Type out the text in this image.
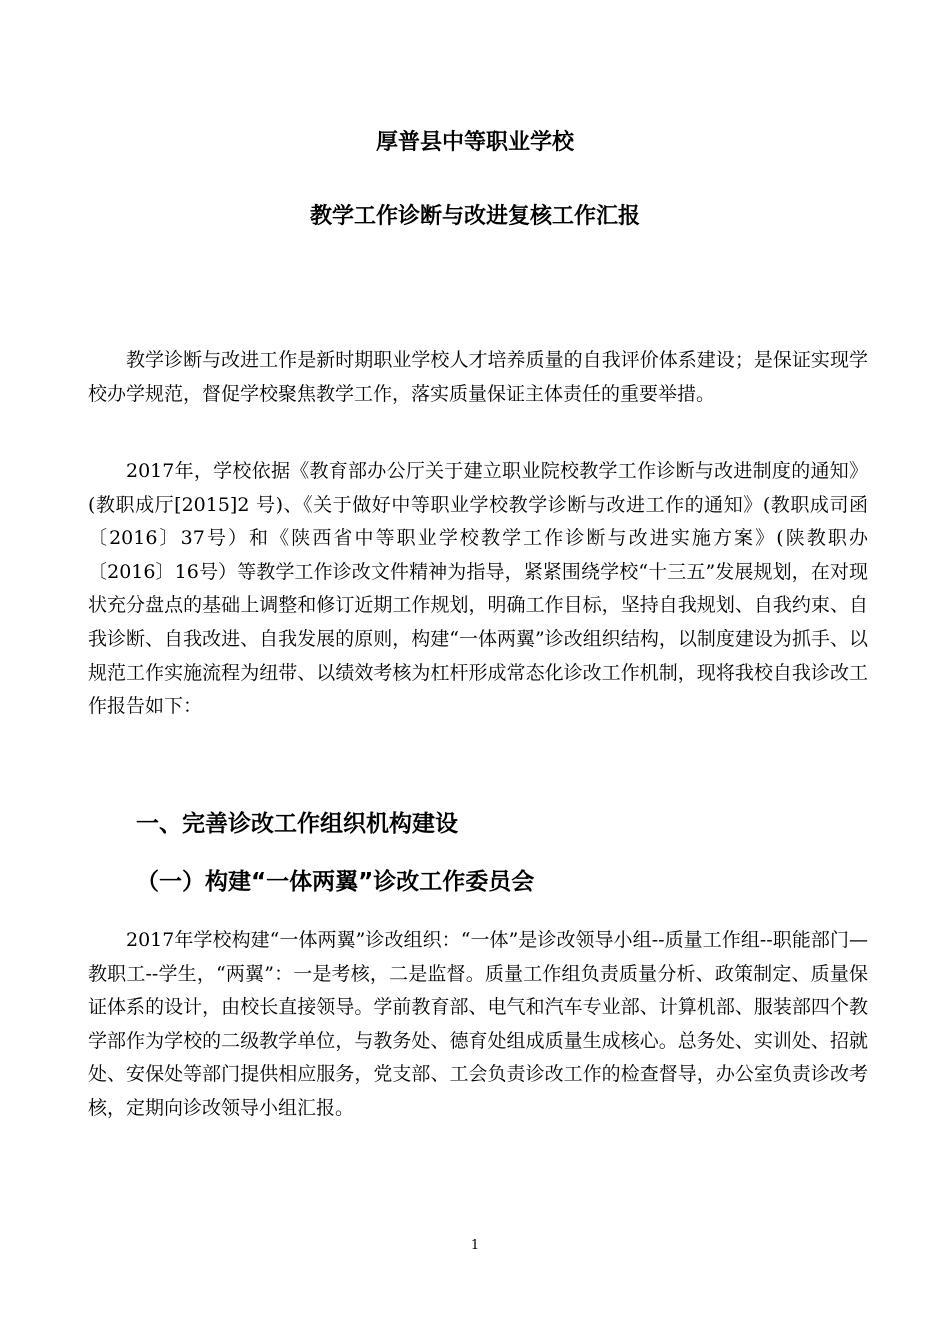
厚普县中等职业学校
教学工作诊断与改进复核工作汇报

教学诊断与改进工作是新时期职业学校人才培养质量的自我评价体系建设；是保证实现学校办学规范，督促学校聚焦教学工作，落实质量保证主体责任的重要举措。

2017年，学校依据《教育部办公厅关于建立职业院校教学工作诊断与改进制度的通知》(教职成厅[2015]2 号)、《关于做好中等职业学校教学诊断与改进工作的通知》(教职成司函〔2016〕37号）和《陕西省中等职业学校教学工作诊断与改进实施方案》(陕教职办〔2016〕16号）等教学工作诊改文件精神为指导，紧紧围绕学校“十三五”发展规划，在对现状充分盘点的基础上调整和修订近期工作规划，明确工作目标，坚持自我规划、自我约束、自我诊断、自我改进、自我发展的原则，构建“一体两翼”诊改组织结构，以制度建设为抓手、以规范工作实施流程为纽带、以绩效考核为杠杆形成常态化诊改工作机制，现将我校自我诊改工作报告如下：

一、完善诊改工作组织机构建设
（一）构建“一体两翼”诊改工作委员会

2017年学校构建“一体两翼”诊改组织：“一体”是诊改领导小组--质量工作组--职能部门—教职工--学生，“两翼”：一是考核，二是监督。质量工作组负责质量分析、政策制定、质量保证体系的设计，由校长直接领导。学前教育部、电气和汽车专业部、计算机部、服装部四个教学部作为学校的二级教学单位，与教务处、德育处组成质量生成核心。总务处、实训处、招就处、安保处等部门提供相应服务，党支部、工会负责诊改工作的检查督导，办公室负责诊改考核，定期向诊改领导小组汇报。

1
